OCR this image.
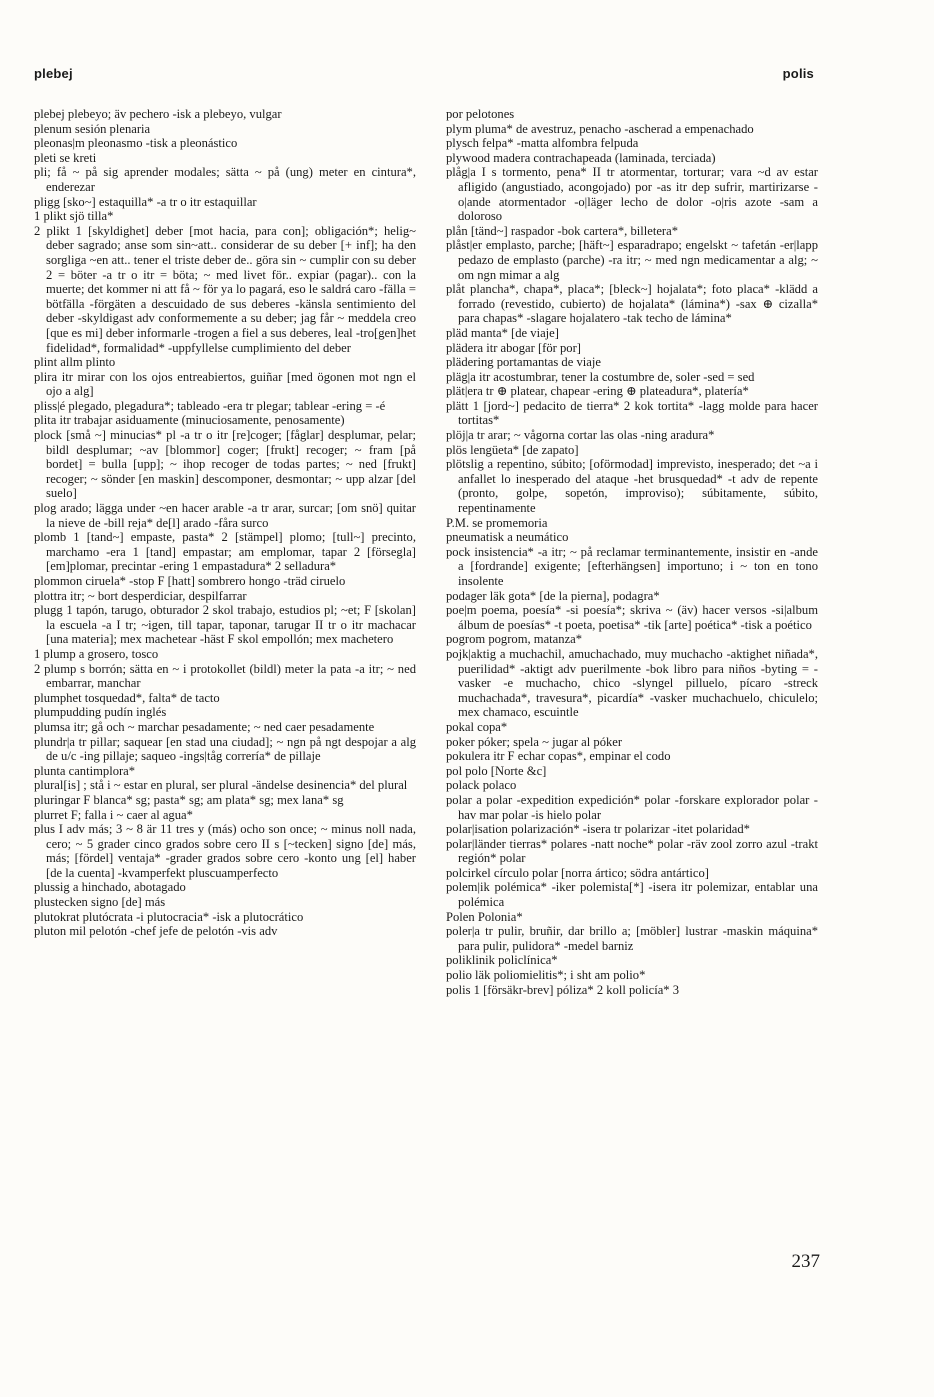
plebej	polis

plebej plebeyo; äv pechero -isk a plebeyo, vulgar

plenum sesión plenaria

pleonas|m pleonasmo -tisk a pleonástico

pleti se kreti

pli; få ~ på sig aprender modales; sätta ~ på (ung) meter en cintura*, enderezar

pligg [sko~] estaquilla* -a tr o itr estaquillar

1 plikt sjö tilla*

2 plikt 1 [skyldighet] deber [mot hacia, para con]; obligación*; helig~ deber sagrado; anse som sin~att.. considerar de su deber [+ inf]; ha den sorgliga ~en att.. tener el triste deber de.. göra sin ~ cumplir con su deber 2 = böter -a tr o itr = böta; ~ med livet för.. expiar (pagar).. con la muerte; det kommer ni att få ~ för ya lo pagará, eso le saldrá caro -fälla = bötfälla -förgäten a descuidado de sus deberes -känsla sentimiento del deber -skyldigast adv conformemente a su deber; jag får ~ meddela creo [que es mi] deber informarle -trogen a fiel a sus deberes, leal -tro[gen]het fidelidad*, formalidad* -uppfyllelse cumplimiento del deber

plint allm plinto

plira itr mirar con los ojos entreabiertos, guiñar [med ögonen mot ngn el ojo a alg]

pliss|é plegado, plegadura*; tableado -era tr plegar; tablear -ering = -é

plita itr trabajar asiduamente (minuciosamente, penosamente)

plock [små ~] minucias* pl -a tr o itr [re]coger; [fåglar] desplumar, pelar; bildl desplumar; ~av [blommor] coger; [frukt] recoger; ~ fram [på bordet] = bulla [upp]; ~ ihop recoger de todas partes; ~ ned [frukt] recoger; ~ sönder [en maskin] descomponer, desmontar; ~ upp alzar [del suelo]

plog arado; lägga under ~en hacer arable -a tr arar, surcar; [om snö] quitar la nieve de -bill reja* de[l] arado -fåra surco

plomb 1 [tand~] empaste, pasta* 2 [stämpel] plomo; [tull~] precinto, marchamo -era 1 [tand] empastar; am emplomar, tapar 2 [försegla] [em]plomar, precintar -ering 1 empastadura* 2 selladura*

plommon ciruela* -stop F [hatt] sombrero hongo -träd ciruelo

plottra itr; ~ bort desperdiciar, despilfarrar

plugg 1 tapón, tarugo, obturador 2 skol trabajo, estudios pl; ~et; F [skolan] la escuela -a I tr; ~igen, till tapar, taponar, tarugar II tr o itr machacar [una materia]; mex machetear -häst F skol empollón; mex machetero

1 plump a grosero, tosco

2 plump s borrón; sätta en ~ i protokollet (bildl) meter la pata -a itr; ~ ned embarrar, manchar

plumphet tosquedad*, falta* de tacto

plumpudding pudín inglés

plumsa itr; gå och ~ marchar pesadamente; ~ ned caer pesadamente

plundr|a tr pillar; saquear [en stad una ciudad]; ~ ngn på ngt despojar a alg de u/c -ing pillaje; saqueo -ings|tåg correría* de pillaje

plunta cantimplora*

plural[is] ; stå i ~ estar en plural, ser plural -ändelse desinencia* del plural

pluringar F blanca* sg; pasta* sg; am plata* sg; mex lana* sg

plurret F; falla i ~ caer al agua*

plus I adv más; 3 ~ 8 är 11 tres y (más) ocho son once; ~ minus noll nada, cero; ~ 5 grader cinco grados sobre cero II s [~tecken] signo [de] más, más; [fördel] ventaja* -grader grados sobre cero -konto ung [el] haber [de la cuenta] -kvamperfekt pluscuamperfecto

plussig a hinchado, abotagado

plustecken signo [de] más

plutokrat plutócrata -i plutocracia* -isk a plutocrático

pluton mil pelotón -chef jefe de pelotón -vis adv

por pelotones

plym pluma* de avestruz, penacho -ascherad a empenachado

plysch felpa* -matta alfombra felpuda

plywood madera contrachapeada (laminada, terciada)

plåg|a I s tormento, pena* II tr atormentar, torturar; vara ~d av estar afligido (angustiado, acongojado) por -as itr dep sufrir, martirizarse -o|ande atormentador -o|läger lecho de dolor -o|ris azote -sam a doloroso

plån [tänd~] raspador -bok cartera*, billetera*

plåst|er emplasto, parche; [häft~] esparadrapo; engelskt ~ tafetán -er|lapp pedazo de emplasto (parche) -ra itr; ~ med ngn medicamentar a alg; ~ om ngn mimar a alg

plåt plancha*, chapa*, placa*; [bleck~] hojalata*; foto placa* -klädd a forrado (revestido, cubierto) de hojalata* (lámina*) -sax ⊕ cizalla* para chapas* -slagare hojalatero -tak techo de lámina*

pläd manta* [de viaje]

plädera itr abogar [för por]

plädering portamantas de viaje

pläg|a itr acostumbrar, tener la costumbre de, soler -sed = sed

plät|era tr ⊕ platear, chapear -ering ⊕ plateadura*, platería*

plätt 1 [jord~] pedacito de tierra* 2 kok tortita* -lagg molde para hacer tortitas*

plöj|a tr arar; ~ vågorna cortar las olas -ning aradura*

plös lengüeta* [de zapato]

plötslig a repentino, súbito; [oförmodad] imprevisto, inesperado; det ~a i anfallet lo inesperado del ataque -het brusquedad* -t adv de repente (pronto, golpe, sopetón, improviso); súbitamente, súbito, repentinamente

P.M. se promemoria

pneumatisk a neumático

pock insistencia* -a itr; ~ på reclamar terminantemente, insistir en -ande a [fordrande] exigente; [efterhängsen] importuno; i ~ ton en tono insolente

podager läk gota* [de la pierna], podagra*

poe|m poema, poesía* -si poesía*; skriva ~ (äv) hacer versos -si|album álbum de poesías* -t poeta, poetisa* -tik [arte] poética* -tisk a poético

pogrom pogrom, matanza*

pojk|aktig a muchachil, amuchachado, muy muchacho -aktighet niñada*, puerilidad* -aktigt adv puerilmente -bok libro para niños -byting = -vasker -e muchacho, chico -slyngel pilluelo, pícaro -streck muchachada*, travesura*, picardía* -vasker muchachuelo, chiculelo; mex chamaco, escuintle

pokal copa*

poker póker; spela ~ jugar al póker

pokulera itr F echar copas*, empinar el codo

pol polo [Norte &c]

polack polaco

polar a polar -expedition expedición* polar -forskare explorador polar -hav mar polar -is hielo polar

polar|isation polarización* -isera tr polarizar -itet polaridad*

polar|länder tierras* polares -natt noche* polar -räv zool zorro azul -trakt región* polar

polcirkel círculo polar [norra ártico; södra antártico]

polem|ik polémica* -iker polemista[*] -isera itr polemizar, entablar una polémica

Polen Polonia*

poler|a tr pulir, bruñir, dar brillo a; [möbler] lustrar -maskin máquina* para pulir, pulidora* -medel barniz

poliklinik policlínica*

polio läk poliomielitis*; i sht am polio*

polis 1 [försäkr-brev] póliza* 2 koll policía* 3

237
